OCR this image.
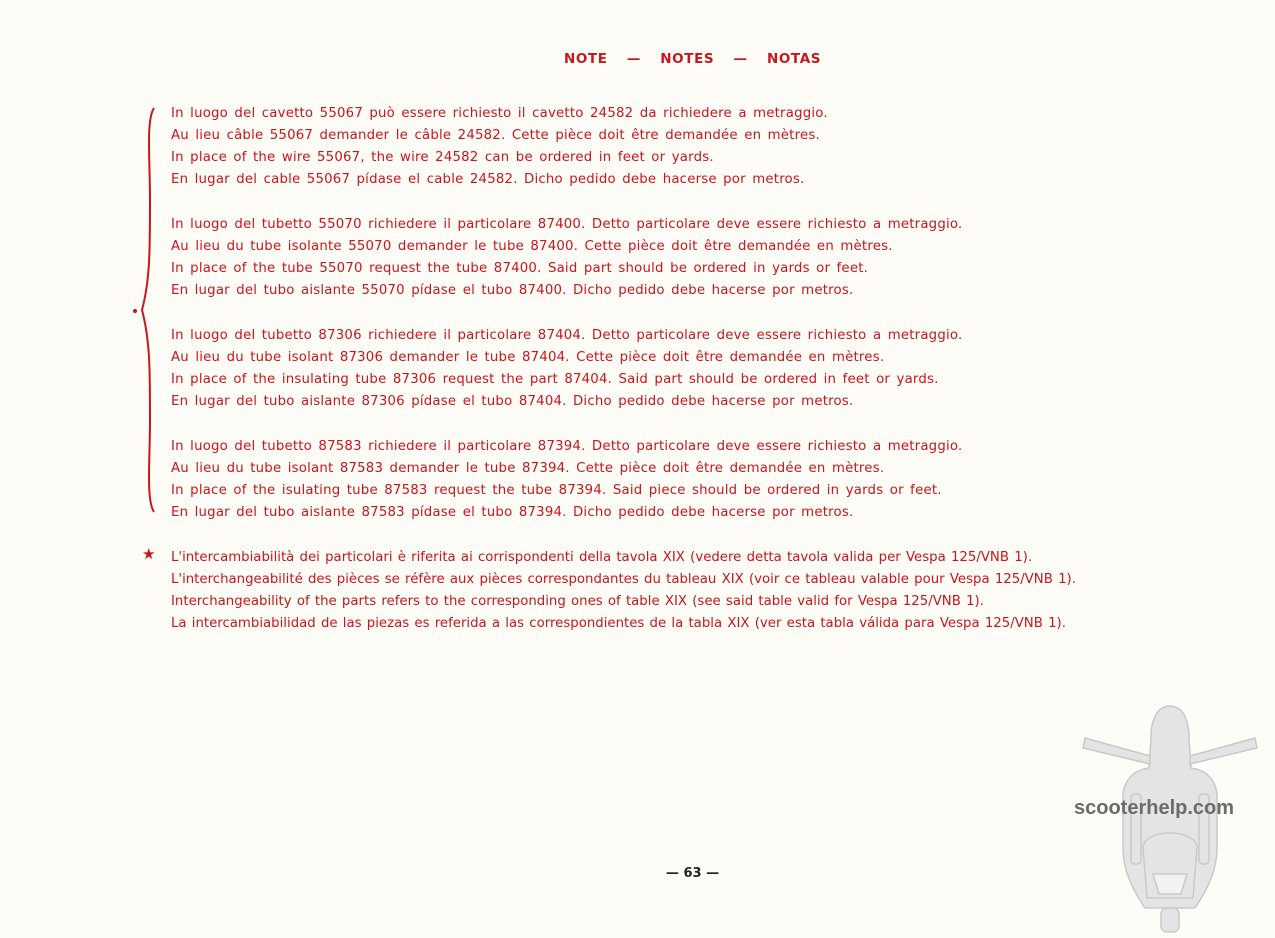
NOTE — NOTES — NOTAS
In luogo del cavetto 55067 può essere richiesto il cavetto 24582 da richiedere a metraggio.
Au lieu câble 55067 demander le câble 24582. Cette pièce doit être demandée en mètres.
In place of the wire 55067, the wire 24582 can be ordered in feet or yards.
En lugar del cable 55067 pídase el cable 24582. Dicho pedido debe hacerse por metros.
In luogo del tubetto 55070 richiedere il particolare 87400. Detto particolare deve essere richiesto a metraggio.
Au lieu du tube isolante 55070 demander le tube 87400. Cette pièce doit être demandée en mètres.
In place of the tube 55070 request the tube 87400. Said part should be ordered in yards or feet.
En lugar del tubo aislante 55070 pídase el tubo 87400. Dicho pedido debe hacerse por metros.
In luogo del tubetto 87306 richiedere il particolare 87404. Detto particolare deve essere richiesto a metraggio.
Au lieu du tube isolant 87306 demander le tube 87404. Cette pièce doit être demandée en mètres.
In place of the insulating tube 87306 request the part 87404. Said part should be ordered in feet or yards.
En lugar del tubo aislante 87306 pídase el tubo 87404. Dicho pedido debe hacerse por metros.
In luogo del tubetto 87583 richiedere il particolare 87394. Detto particolare deve essere richiesto a metraggio.
Au lieu du tube isolant 87583 demander le tube 87394. Cette pièce doit être demandée en mètres.
In place of the isulating tube 87583 request the tube 87394. Said piece should be ordered in yards or feet.
En lugar del tubo aislante 87583 pídase el tubo 87394. Dicho pedido debe hacerse por metros.
★ L'intercambiabilità dei particolari è riferita ai corrispondenti della tavola XIX (vedere detta tavola valida per Vespa 125/VNB 1).
L'interchangeabilité des pièces se réfère aux pièces correspondantes du tableau XIX (voir ce tableau valable pour Vespa 125/VNB 1).
Interchangeability of the parts refers to the corresponding ones of table XIX (see said table valid for Vespa 125/VNB 1).
La intercambiabilidad de las piezas es referida a las correspondientes de la tabla XIX (ver esta tabla válida para Vespa 125/VNB 1).
— 63 —
scooterhelp.com
